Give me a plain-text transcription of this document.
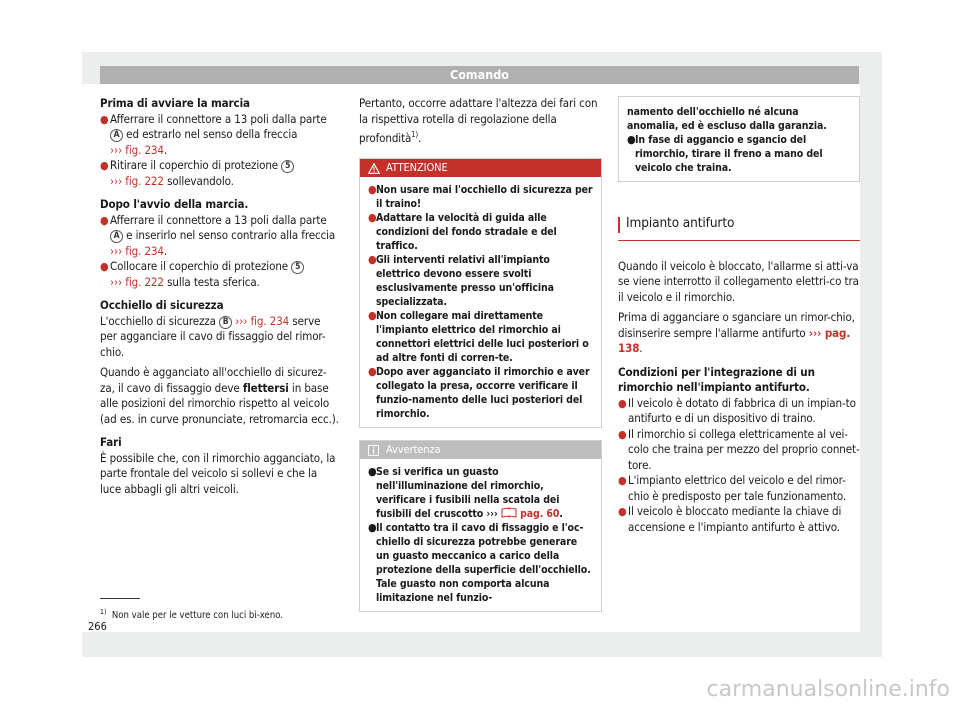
Comando

Prima di avviare la marcia

● Afferrare il connettore a 13 poli dalla parte
A ed estrarlo nel senso della freccia
››› fig. 234.
● Ritirare il coperchio di protezione 5
››› fig. 222 sollevandolo.

Dopo l'avvio della marcia.

● Afferrare il connettore a 13 poli dalla parte
A e inserirlo nel senso contrario alla freccia
››› fig. 234.
● Collocare il coperchio di protezione 5
››› fig. 222 sulla testa sferica.

Occhiello di sicurezza

L'occhiello di sicurezza B ››› fig. 234 serve per agganciare il cavo di fissaggio del rimor-chio.

Quando è agganciato all'occhiello di sicurez-za, il cavo di fissaggio deve flettersi in base alle posizioni del rimorchio rispetto al veicolo (ad es. in curve pronunciate, retromarcia ecc.).

Fari

È possibile che, con il rimorchio agganciato, la parte frontale del veicolo si sollevi e che la luce abbagli gli altri veicoli.

Pertanto, occorre adattare l'altezza dei fari con la rispettiva rotella di regolazione della profondità$^{1)}$.

ATTENZIONE
● Non usare mai l'occhiello di sicurezza per il traino!
● Adattare la velocità di guida alle condizioni del fondo stradale e del traffico.
● Gli interventi relativi all'impianto elettrico devono essere svolti esclusivamente presso un'officina specializzata.
● Non collegare mai direttamente l'impianto elettrico del rimorchio ai connettori elettrici delle luci posteriori o ad altre fonti di corren-te.
● Dopo aver agganciato il rimorchio e aver collegato la presa, occorre verificare il funzio-namento delle luci posteriori del rimorchio.
Avvertenza
● Se si verifica un guasto nell'illuminazione del rimorchio, verificare i fusibili nella scatola dei fusibili del cruscotto ›››  pag. 60.
● Il contatto tra il cavo di fissaggio e l'oc-chiello di sicurezza potrebbe generare un guasto meccanico a carico della protezione della superficie dell'occhiello. Tale guasto non comporta alcuna limitazione nel funzio-

namento dell'occhiello né alcuna anomalia, ed è escluso dalla garanzia.

● In fase di aggancio e sgancio del rimorchio, tirare il freno a mano del veicolo che traina.
Impianto antifurto

Quando il veicolo è bloccato, l'allarme si atti-va se viene interrotto il collegamento elettri-co tra il veicolo e il rimorchio.

Prima di agganciare o sganciare un rimor-chio, disinserire sempre l'allarme antifurto ››› pag. 138.

Condizioni per l'integrazione di un rimorchio nell'impianto antifurto.

● Il veicolo è dotato di fabbrica di un impian-to antifurto e di un dispositivo di traino.
● Il rimorchio si collega elettricamente al vei-colo che traina per mezzo del proprio connet-tore.
● L'impianto elettrico del veicolo e del rimor-chio è predisposto per tale funzionamento.
● Il veicolo è bloccato mediante la chiave di accensione e l'impianto antifurto è attivo.
$^{1)}$ Non vale per le vetture con luci bi-xeno.
266
carmanualsonline.info
